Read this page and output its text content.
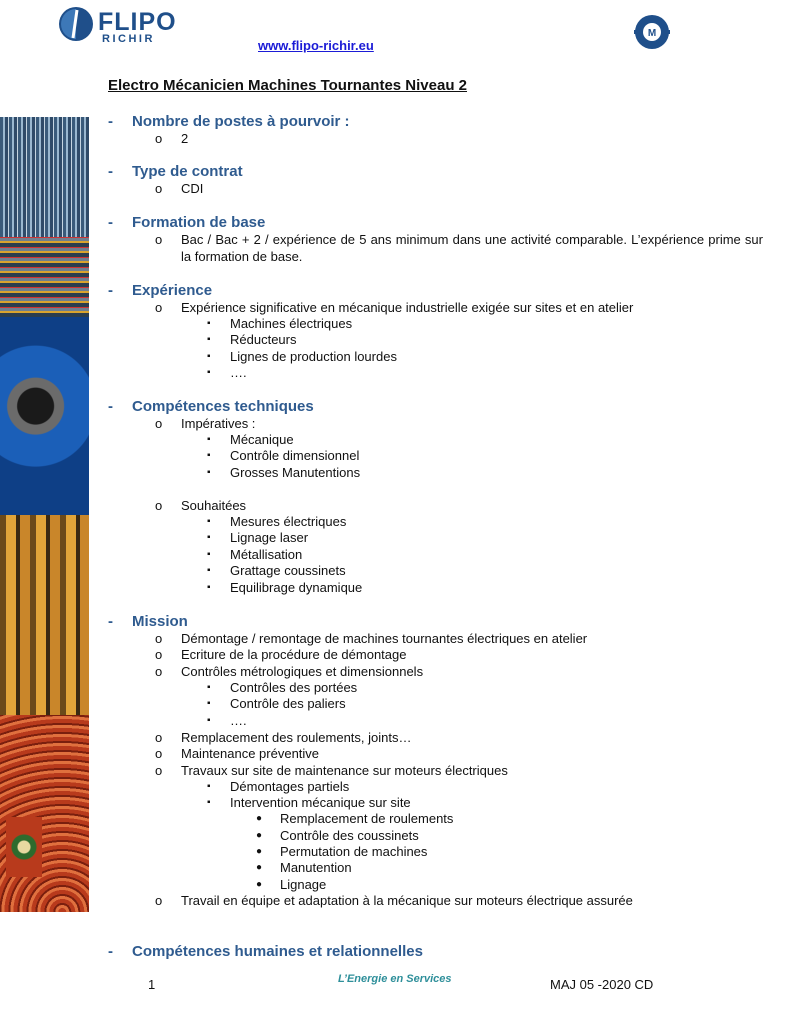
FLIPO
RICHIR	www.flipo-richir.eu
M
Electro Mécanicien Machines Tournantes Niveau 2
- Nombre de postes à pourvoir :
o 2
- Type de contrat
o CDI
- Formation de base
o Bac / Bac + 2 / expérience de 5 ans minimum dans une activité comparable. L’expérience prime sur la formation de base.
- Expérience
o Expérience significative en mécanique industrielle exigée sur sites et en atelier
▪ Machines électriques
▪ Réducteurs
▪ Lignes de production lourdes
▪ ….
- Compétences techniques
o Impératives :
▪ Mécanique
▪ Contrôle dimensionnel
▪ Grosses Manutentions
o Souhaitées
▪ Mesures électriques
▪ Lignage laser
▪ Métallisation
▪ Grattage coussinets
▪ Equilibrage dynamique
- Mission
o Démontage / remontage de machines tournantes électriques en atelier
o Ecriture de la procédure de démontage
o Contrôles métrologiques et dimensionnels
▪ Contrôles des portées
▪ Contrôle des paliers
▪ ….
o Remplacement des roulements, joints…
o Maintenance préventive
o Travaux sur site de maintenance sur moteurs électriques
▪ Démontages partiels
▪ Intervention mécanique sur site
● Remplacement de roulements
● Contrôle des coussinets
● Permutation de machines
● Manutention
● Lignage
o Travail en équipe et adaptation à la mécanique sur moteurs électrique assurée
- Compétences humaines et relationnelles
1	L’Energie en Services	MAJ 05 -2020 CD
